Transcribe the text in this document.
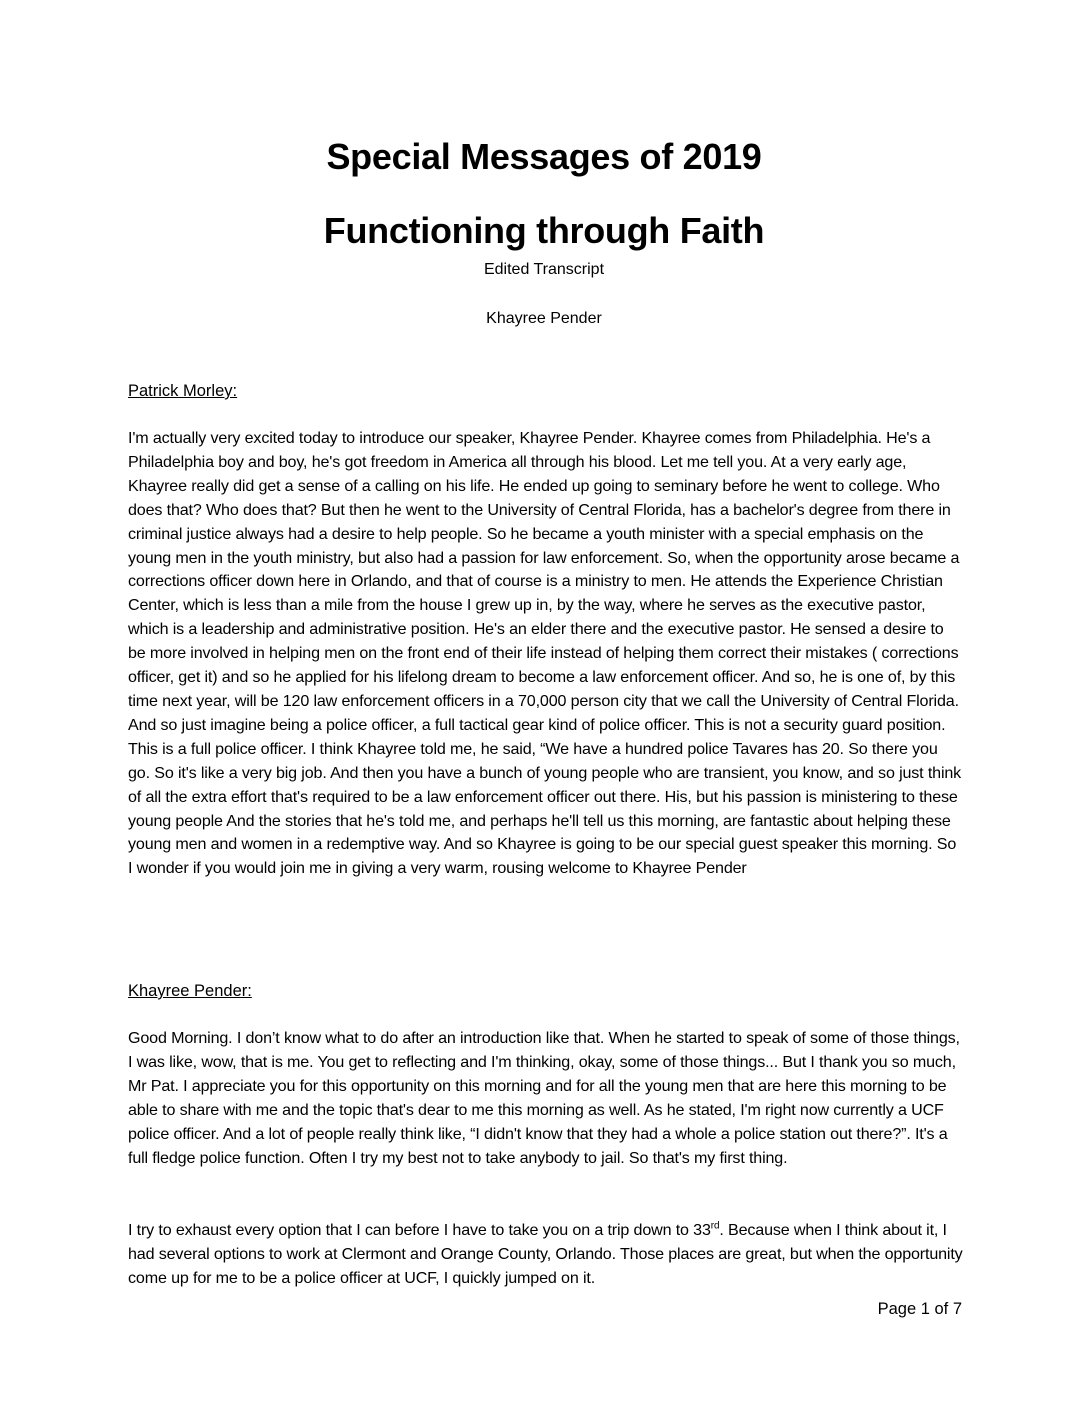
Special Messages of 2019
Functioning through Faith
Edited Transcript
Khayree Pender
Patrick Morley:

I'm actually very excited today to introduce our speaker, Khayree Pender. Khayree comes from Philadelphia. He's a Philadelphia boy and boy, he's got freedom in America all through his blood. Let me tell you. At a very early age, Khayree really did get a sense of a calling on his life. He ended up going to seminary before he went to college. Who does that? Who does that? But then he went to the University of Central Florida, has a bachelor's degree from there in criminal justice always had a desire to help people. So he became a youth minister with a special emphasis on the young men in the youth ministry, but also had a passion for law enforcement. So, when the opportunity arose became a corrections officer down here in Orlando, and that of course is a ministry to men. He attends the Experience Christian Center, which is less than a mile from the house I grew up in, by the way, where he serves as the executive pastor, which is a leadership and administrative position. He's an elder there and the executive pastor. He sensed a desire to be more involved in helping men on the front end of their life instead of helping them correct their mistakes ( corrections officer, get it) and so he applied for his lifelong dream to become a law enforcement officer. And so, he is one of, by this time next year, will be 120 law enforcement officers in a 70,000 person city that we call the University of Central Florida. And so just imagine being a police officer, a full tactical gear kind of police officer. This is not a security guard position. This is a full police officer. I think Khayree told me, he said, “We have a hundred police Tavares has 20. So there you go. So it's like a very big job. And then you have a bunch of young people who are transient, you know, and so just think of all the extra effort that's required to be a law enforcement officer out there. His, but his passion is ministering to these young people And the stories that he's told me, and perhaps he'll tell us this morning, are fantastic about helping these young men and women in a redemptive way. And so Khayree is going to be our special guest speaker this morning. So I wonder if you would join me in giving a very warm, rousing welcome to Khayree Pender

Khayree Pender:

Good Morning. I don’t know what to do after an introduction like that. When he started to speak of some of those things, I was like, wow, that is me. You get to reflecting and I'm thinking, okay, some of those things... But I thank you so much, Mr Pat. I appreciate you for this opportunity on this morning and for all the young men that are here this morning to be able to share with me and the topic that's dear to me this morning as well. As he stated, I'm right now currently a UCF police officer. And a lot of people really think like, “I didn't know that they had a whole a police station out there?”. It's a full fledge police function. Often I try my best not to take anybody to jail. So that's my first thing.

I try to exhaust every option that I can before I have to take you on a trip down to 33rd. Because when I think about it, I had several options to work at Clermont and Orange County, Orlando. Those places are great, but when the opportunity come up for me to be a police officer at UCF, I quickly jumped on it.

Page 1 of 7
